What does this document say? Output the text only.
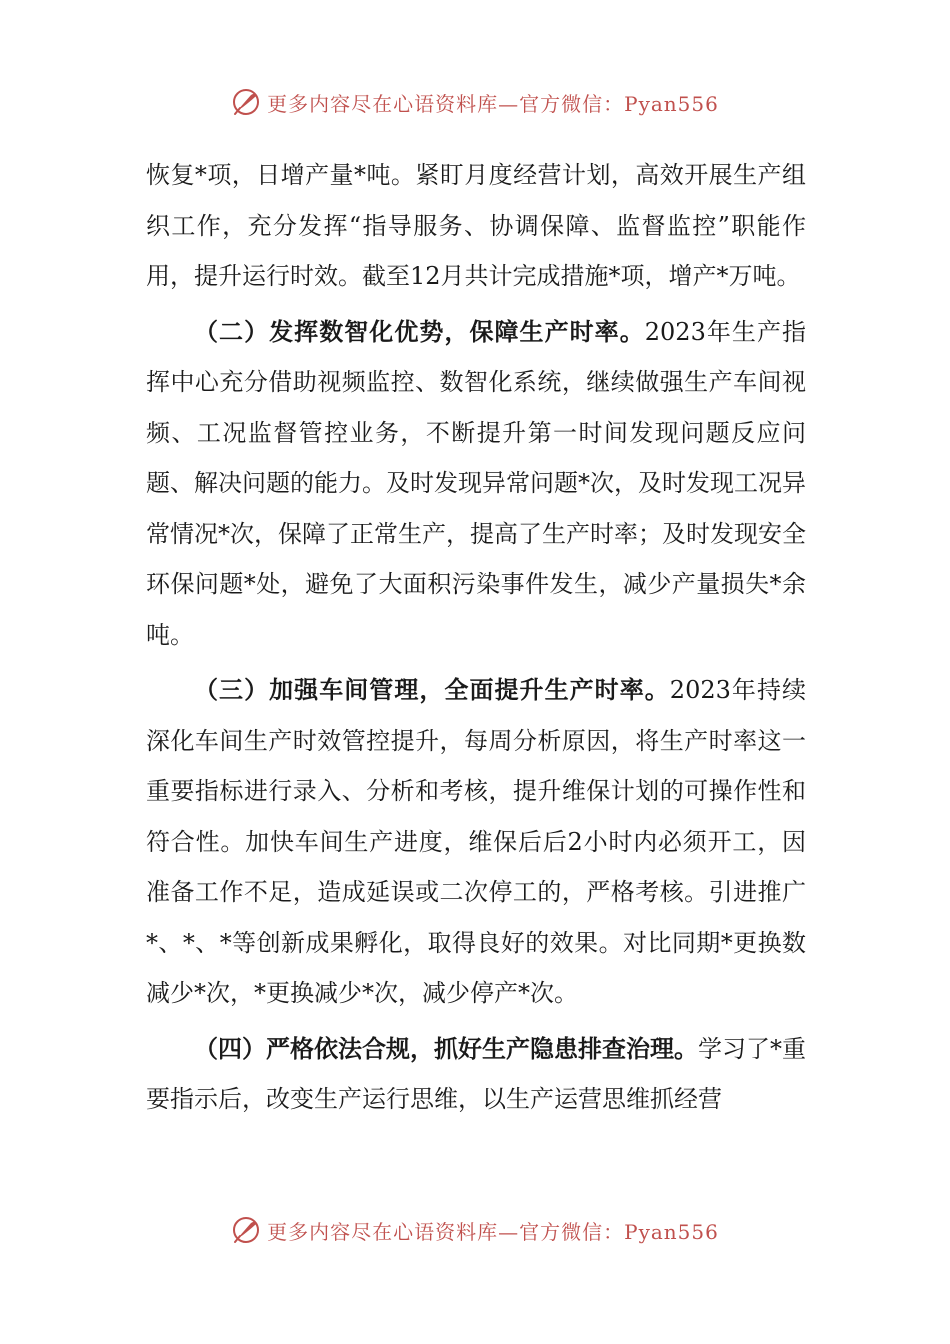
更多内容尽在心语资料库—官方微信：Pyan556

恢复*项，日增产量*吨。紧盯月度经营计划，高效开展生产组织工作，充分发挥“指导服务、协调保障、监督监控”职能作用，提升运行时效。截至12月共计完成措施*项，增产*万吨。

（二）发挥数智化优势，保障生产时率。2023年生产指挥中心充分借助视频监控、数智化系统，继续做强生产车间视频、工况监督管控业务，不断提升第一时间发现问题反应问题、解决问题的能力。及时发现异常问题*次，及时发现工况异常情况*次，保障了正常生产，提高了生产时率；及时发现安全环保问题*处，避免了大面积污染事件发生，减少产量损失*余吨。

（三）加强车间管理，全面提升生产时率。2023年持续深化车间生产时效管控提升，每周分析原因，将生产时率这一重要指标进行录入、分析和考核，提升维保计划的可操作性和符合性。加快车间生产进度，维保后后2小时内必须开工，因准备工作不足，造成延误或二次停工的，严格考核。引进推广*、*、*等创新成果孵化，取得良好的效果。对比同期*更换数减少*次，*更换减少*次，减少停产*次。

（四）严格依法合规，抓好生产隐患排查治理。学习了*重要指示后，改变生产运行思维，以生产运营思维抓经营

更多内容尽在心语资料库—官方微信：Pyan556
